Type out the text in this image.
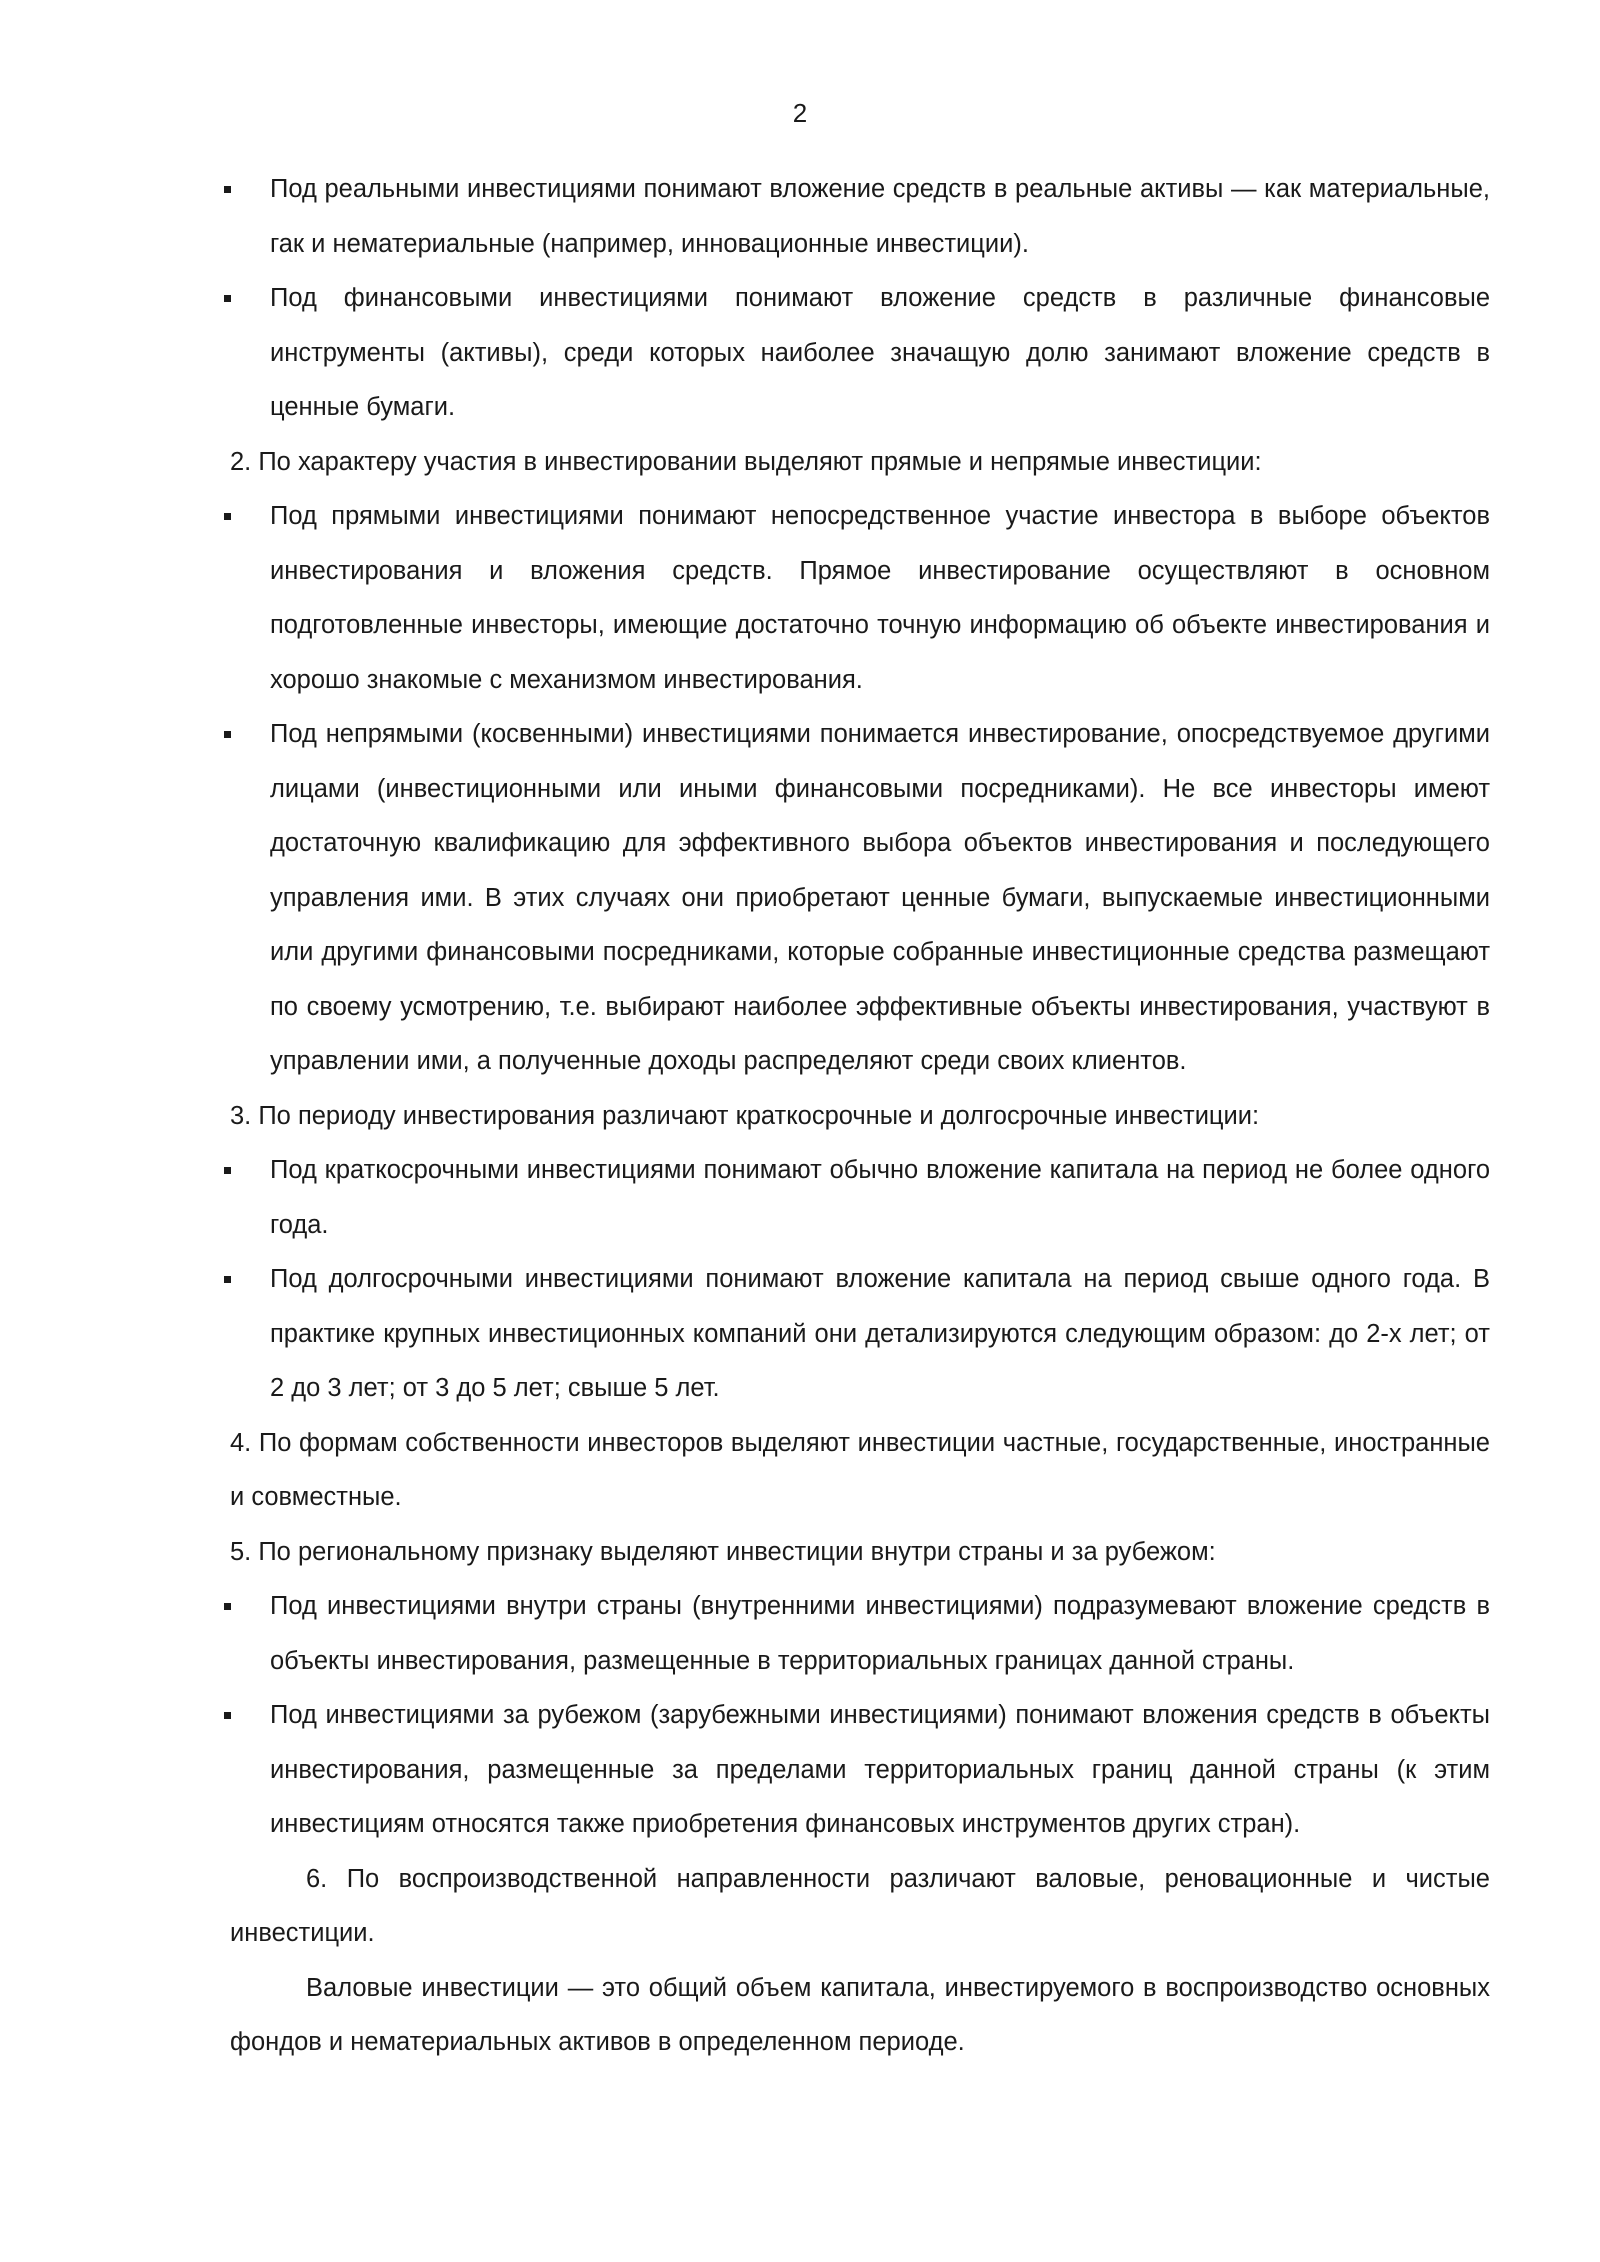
2
Под реальными инвестициями понимают вложение средств в реальные активы — как материальные, гак и нематериальные (например, инновационные инвестиции).
Под финансовыми инвестициями понимают вложение средств в различные финансовые инструменты (активы), среди которых наиболее значащую долю занимают вложение средств в ценные бумаги.
2. По характеру участия в инвестировании выделяют прямые и непрямые инвестиции:
Под прямыми инвестициями понимают непосредственное участие инвестора в выборе объектов инвестирования и вложения средств. Прямое инвестирование осуществляют в основном подготовленные инвесторы, имеющие достаточно точную информацию об объекте инвестирования и хорошо знакомые с механизмом инвестирования.
Под непрямыми (косвенными) инвестициями понимается инвестирование, опосредствуемое другими лицами (инвестиционными или иными финансовыми посредниками). Не все инвесторы имеют достаточную квалификацию для эффективного выбора объектов инвестирования и последующего управления ими. В этих случаях они приобретают ценные бумаги, выпускаемые инвестиционными или другими финансовыми посредниками, которые собранные инвестиционные средства размещают по своему усмотрению, т.е. выбирают наиболее эффективные объекты инвестирования, участвуют в управлении ими, а полученные доходы распределяют среди своих клиентов.
3. По периоду инвестирования различают краткосрочные и долгосрочные инвестиции:
Под краткосрочными инвестициями понимают обычно вложение капитала на период не более одного года.
Под долгосрочными инвестициями понимают вложение капитала на период свыше одного года. В практике крупных инвестиционных компаний они детализируются следующим образом: до 2-х лет; от 2 до 3 лет; от 3 до 5 лет; свыше 5 лет.
4. По формам собственности инвесторов выделяют инвестиции частные, государственные, иностранные и совместные.
5. По региональному признаку выделяют инвестиции внутри страны и за рубежом:
Под инвестициями внутри страны (внутренними инвестициями) подразумевают вложение средств в объекты инвестирования, размещенные в территориальных границах данной страны.
Под инвестициями за рубежом (зарубежными инвестициями) понимают вложения средств в объекты инвестирования, размещенные за пределами территориальных границ данной страны (к этим инвестициям относятся также приобретения финансовых инструментов других стран).
6. По воспроизводственной направленности различают валовые, реновационные и чистые инвестиции.
Валовые инвестиции — это общий объем капитала, инвестируемого в воспроизводство основных фондов и нематериальных активов в определенном периоде.
